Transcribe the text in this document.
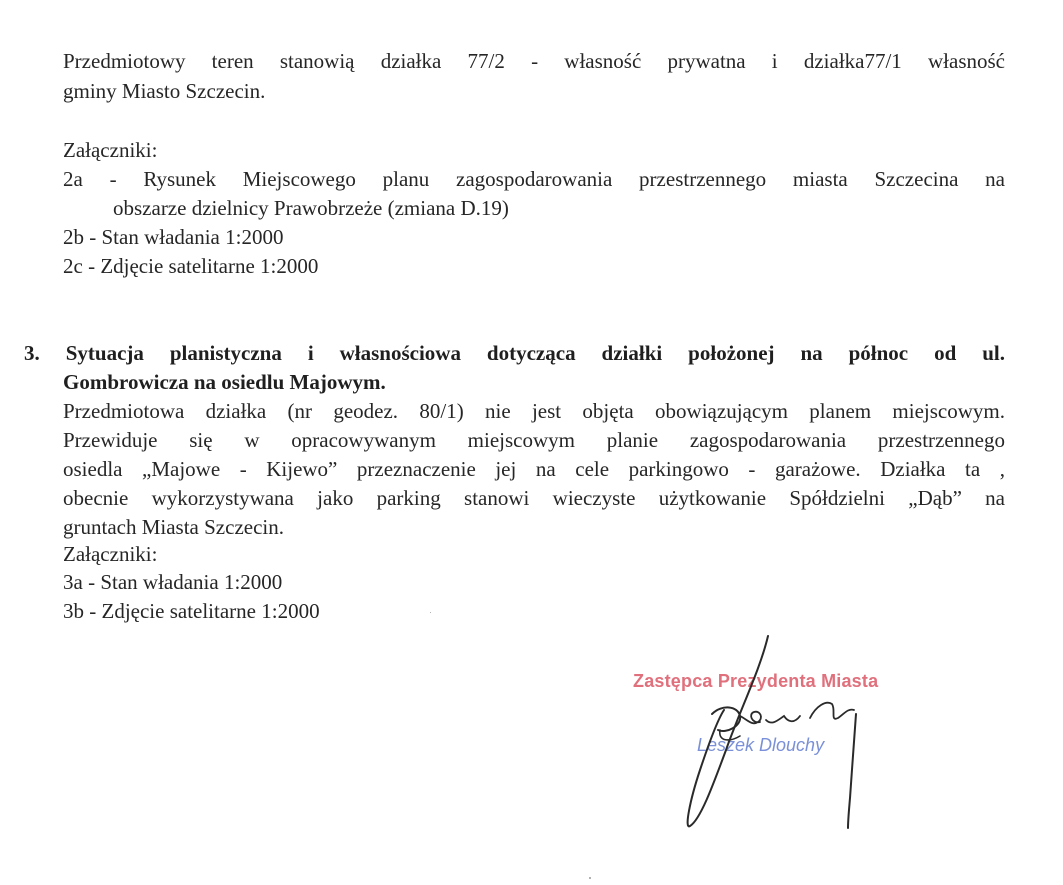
Przedmiotowy teren stanowią działka 77/2 - własność prywatna i działka77/1 własność
gminy Miasto Szczecin.
Załączniki:
2a - Rysunek Miejscowego planu zagospodarowania przestrzennego miasta Szczecina na
obszarze dzielnicy Prawobrzeże (zmiana D.19)
2b - Stan władania 1:2000
2c - Zdjęcie satelitarne 1:2000
3. Sytuacja planistyczna i własnościowa dotycząca działki położonej na północ od ul.
Gombrowicza na osiedlu Majowym.
Przedmiotowa działka (nr geodez. 80/1) nie jest objęta obowiązującym planem miejscowym.
Przewiduje się w opracowywanym miejscowym planie zagospodarowania przestrzennego
osiedla „Majowe - Kijewo” przeznaczenie jej na cele parkingowo - garażowe. Działka ta ,
obecnie wykorzystywana jako parking stanowi wieczyste użytkowanie Spółdzielni „Dąb” na
gruntach Miasta Szczecin.
Załączniki:
3a - Stan władania 1:2000
3b - Zdjęcie satelitarne 1:2000
Zastępca Prezydenta Miasta
Leszek Dlouchy
